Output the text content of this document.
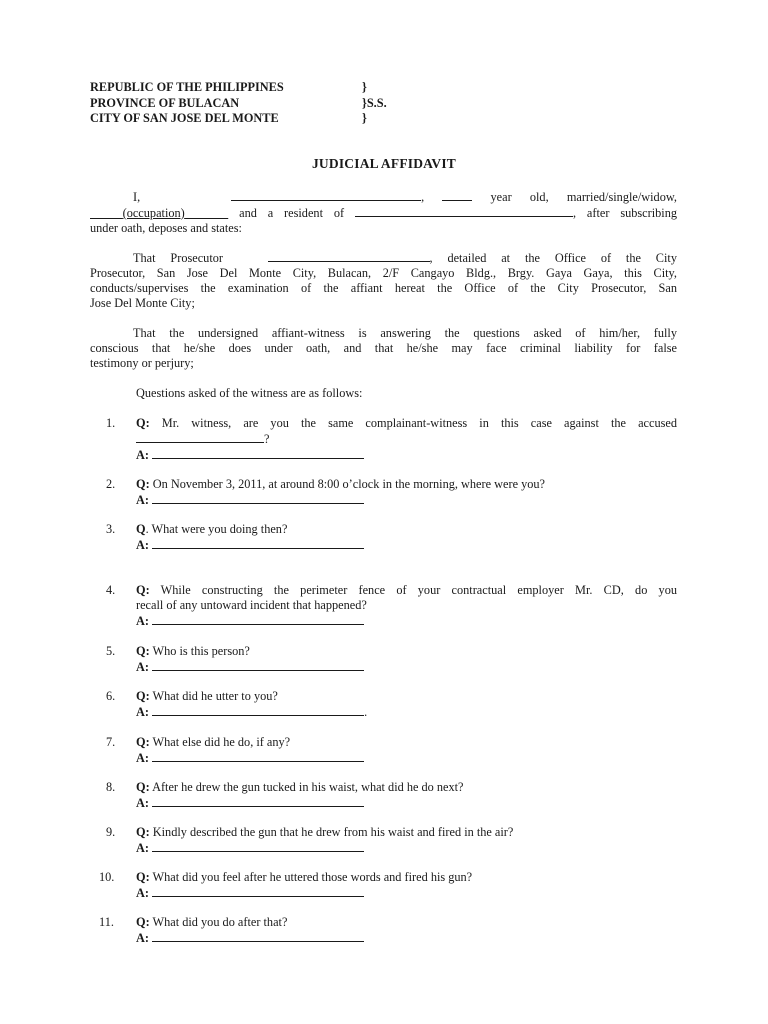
REPUBLIC OF THE PHILIPPINES	}
PROVINCE OF BULACAN	}S.S.
CITY OF SAN JOSE DEL MONTE	}
JUDICIAL AFFIDAVIT
I,	,	year old, married/single/widow,
(occupation)	and a resident of	, after subscribing
under oath, deposes and states:
That Prosecutor	, detailed at the Office of the City
Prosecutor, San Jose Del Monte City, Bulacan, 2/F Cangayo Bldg., Brgy. Gaya Gaya, this City,
conducts/supervises the examination of the affiant hereat the Office of the City Prosecutor, San
Jose Del Monte City;
That the undersigned affiant-witness is answering the questions asked of him/her, fully
conscious that he/she does under oath, and that he/she may face criminal liability for false
testimony or perjury;
Questions asked of the witness are as follows:
1.	Q: Mr. witness, are you the same complainant-witness in this case against the accused
?
A:
2.	Q: On November 3, 2011, at around 8:00 o’clock in the morning, where were you?
A:
3.	Q. What were you doing then?
A:
4.	Q: While constructing the perimeter fence of your contractual employer Mr. CD, do you
recall of any untoward incident that happened?
A:
5.	Q: Who is this person?
A:
6.	Q: What did he utter to you?
A:	.
7.	Q: What else did he do, if any?
A:
8.	Q: After he drew the gun tucked in his waist, what did he do next?
A:
9.	Q: Kindly described the gun that he drew from his waist and fired in the air?
A:
10.	Q: What did you feel after he uttered those words and fired his gun?
A:
11.	Q: What did you do after that?
A:
